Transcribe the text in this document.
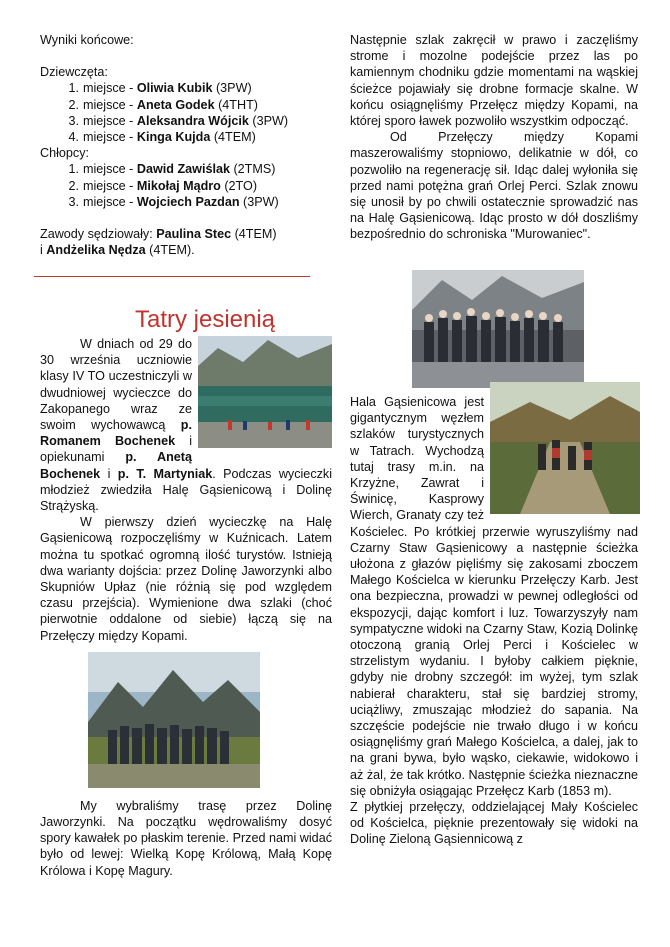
Wyniki końcowe:

Dziewczęta:

1. miejsce - Oliwia Kubik (3PW)
2. miejsce - Aneta Godek (4THT)
3. miejsce - Aleksandra Wójcik (3PW)
4. miejsce - Kinga Kujda (4TEM)

Chłopcy:

1. miejsce - Dawid Zawiślak (2TMS)
2. miejsce - Mikołaj Mądro (2TO)
3. miejsce - Wojciech Pazdan (3PW)

Zawody sędziowały: Paulina Stec (4TEM)
i Andżelika Nędza (4TEM).

Tatry jesienią

Następnie szlak zakręcił w prawo i zaczęliśmy strome i mozolne podejście przez las po kamiennym chodniku gdzie momentami na wąskiej ścieżce pojawiały się drobne formacje skalne. W końcu osiągnęliśmy Przełęcz między Kopami, na której sporo ławek pozwoliło wszystkim odpocząć.

Od Przełęczy między Kopami maszerowaliśmy stopniowo, delikatnie w dół, co pozwoliło na regenerację sił. Idąc dalej wyłoniła się przed nami potężna grań Orlej Perci. Szlak znowu się unosił by po chwili ostatecznie sprowadzić nas na Halę Gąsienicową. Idąc prosto w dół doszliśmy bezpośrednio do schroniska "Murowaniec".

W dniach od 29 do 30 września uczniowie klasy IV TO uczestniczyli w dwudniowej wycieczce do Zakopanego wraz ze swoim wychowawcą p. Romanem Bochenek i opiekunami p. Anetą Bochenek i p. T. Martyniak. Podczas wycieczki młodzież zwiedziła Halę Gąsienicową i Dolinę Strążyską.

W pierwszy dzień wycieczkę na Halę Gąsienicową rozpoczęliśmy w Kuźnicach. Latem można tu spotkać ogromną ilość turystów. Istnieją dwa warianty dojścia: przez Dolinę Jaworzynki albo Skupniów Upłaz (nie różnią się pod względem czasu przejścia). Wymienione dwa szlaki (choć pierwotnie oddalone od siebie) łączą się na Przełęczy między Kopami.

My wybraliśmy trasę przez Dolinę Jaworzynki. Na początku wędrowaliśmy dosyć spory kawałek po płaskim terenie. Przed nami widać było od lewej: Wielką Kopę Królową, Małą Kopę Królowa i Kopę Magury.

Hala Gąsienicowa jest gigantycznym węzłem szlaków turystycznych w Tatrach. Wychodzą tutaj trasy m.in. na Krzyżne, Zawrat i Świnicę, Kasprowy Wierch, Granaty czy też Kościelec. Po krótkiej przerwie wyruszyliśmy nad Czarny Staw Gąsienicowy a następnie ścieżka ułożona z głazów pięliśmy się zakosami zboczem Małego Kościelca w kierunku Przełęczy Karb. Jest ona bezpieczna, prowadzi w pewnej odległości od ekspozycji, dając komfort i luz. Towarzyszyły nam sympatyczne widoki na Czarny Staw, Kozią Dolinkę otoczoną granią Orlej Perci i Kościelec w strzelistym wydaniu. I byłoby całkiem pięknie, gdyby nie drobny szczegół: im wyżej, tym szlak nabierał charakteru, stał się bardziej stromy, uciążliwy, zmuszając młodzież do sapania. Na szczęście podejście nie trwało długo i w końcu osiągnęliśmy grań Małego Kościelca, a dalej, jak to na grani bywa, było wąsko, ciekawie, widokowo i aż żal, że tak krótko. Następnie ścieżka nieznaczne się obniżyła osiągając Przełęcz Karb (1853 m).

Z płytkiej przełęczy, oddzielającej Mały Kościelec od Kościelca, pięknie prezentowały się widoki na Dolinę Zieloną Gąsiennicową z
